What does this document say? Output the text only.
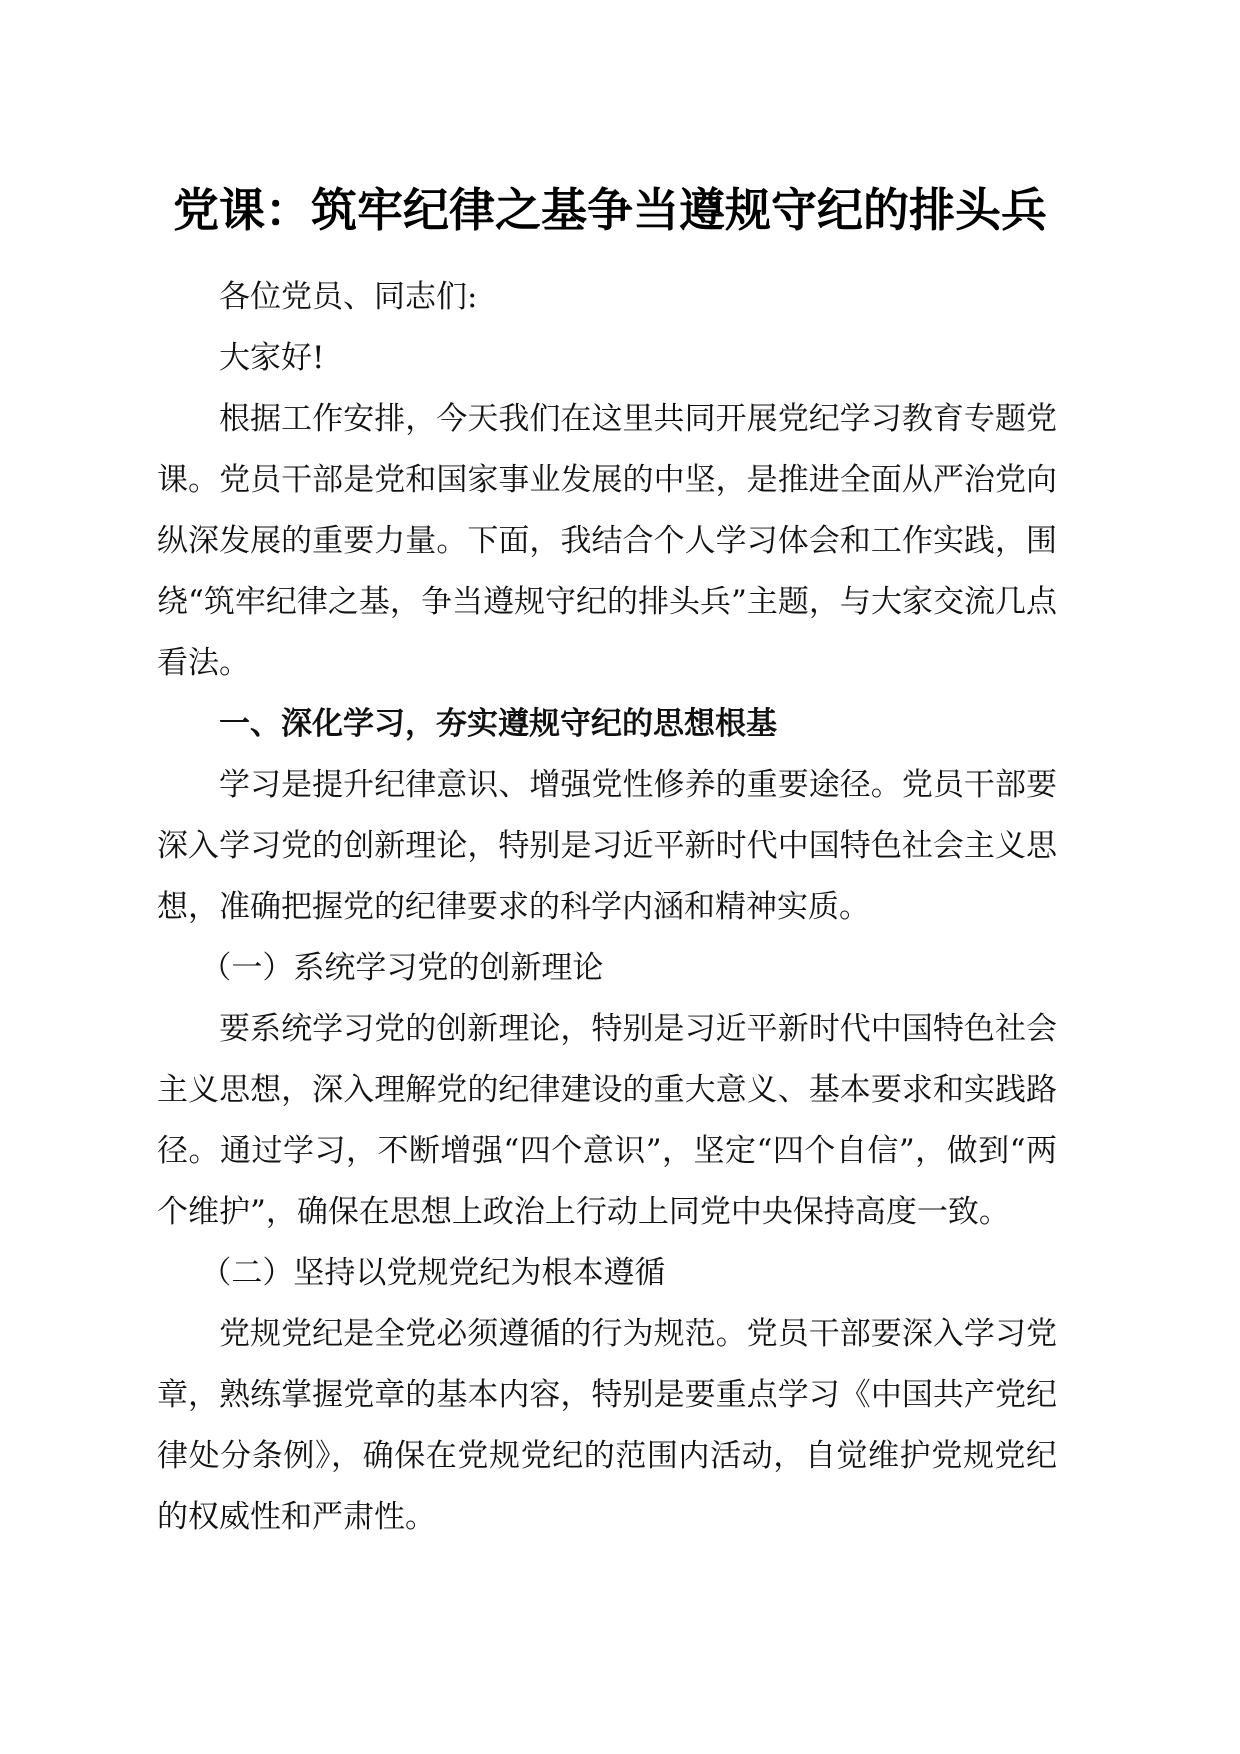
党课：筑牢纪律之基争当遵规守纪的排头兵

各位党员、同志们:

大家好!

根据工作安排，今天我们在这里共同开展党纪学习教育专题党课。党员干部是党和国家事业发展的中坚，是推进全面从严治党向纵深发展的重要力量。下面，我结合个人学习体会和工作实践，围绕“筑牢纪律之基，争当遵规守纪的排头兵”主题，与大家交流几点看法。

一、深化学习，夯实遵规守纪的思想根基

学习是提升纪律意识、增强党性修养的重要途径。党员干部要深入学习党的创新理论，特别是习近平新时代中国特色社会主义思想，准确把握党的纪律要求的科学内涵和精神实质。

（一）系统学习党的创新理论

要系统学习党的创新理论，特别是习近平新时代中国特色社会主义思想，深入理解党的纪律建设的重大意义、基本要求和实践路径。通过学习，不断增强“四个意识”，坚定“四个自信”，做到“两个维护”，确保在思想上政治上行动上同党中央保持高度一致。

（二）坚持以党规党纪为根本遵循

党规党纪是全党必须遵循的行为规范。党员干部要深入学习党章，熟练掌握党章的基本内容，特别是要重点学习《中国共产党纪律处分条例》，确保在党规党纪的范围内活动，自觉维护党规党纪的权威性和严肃性。
